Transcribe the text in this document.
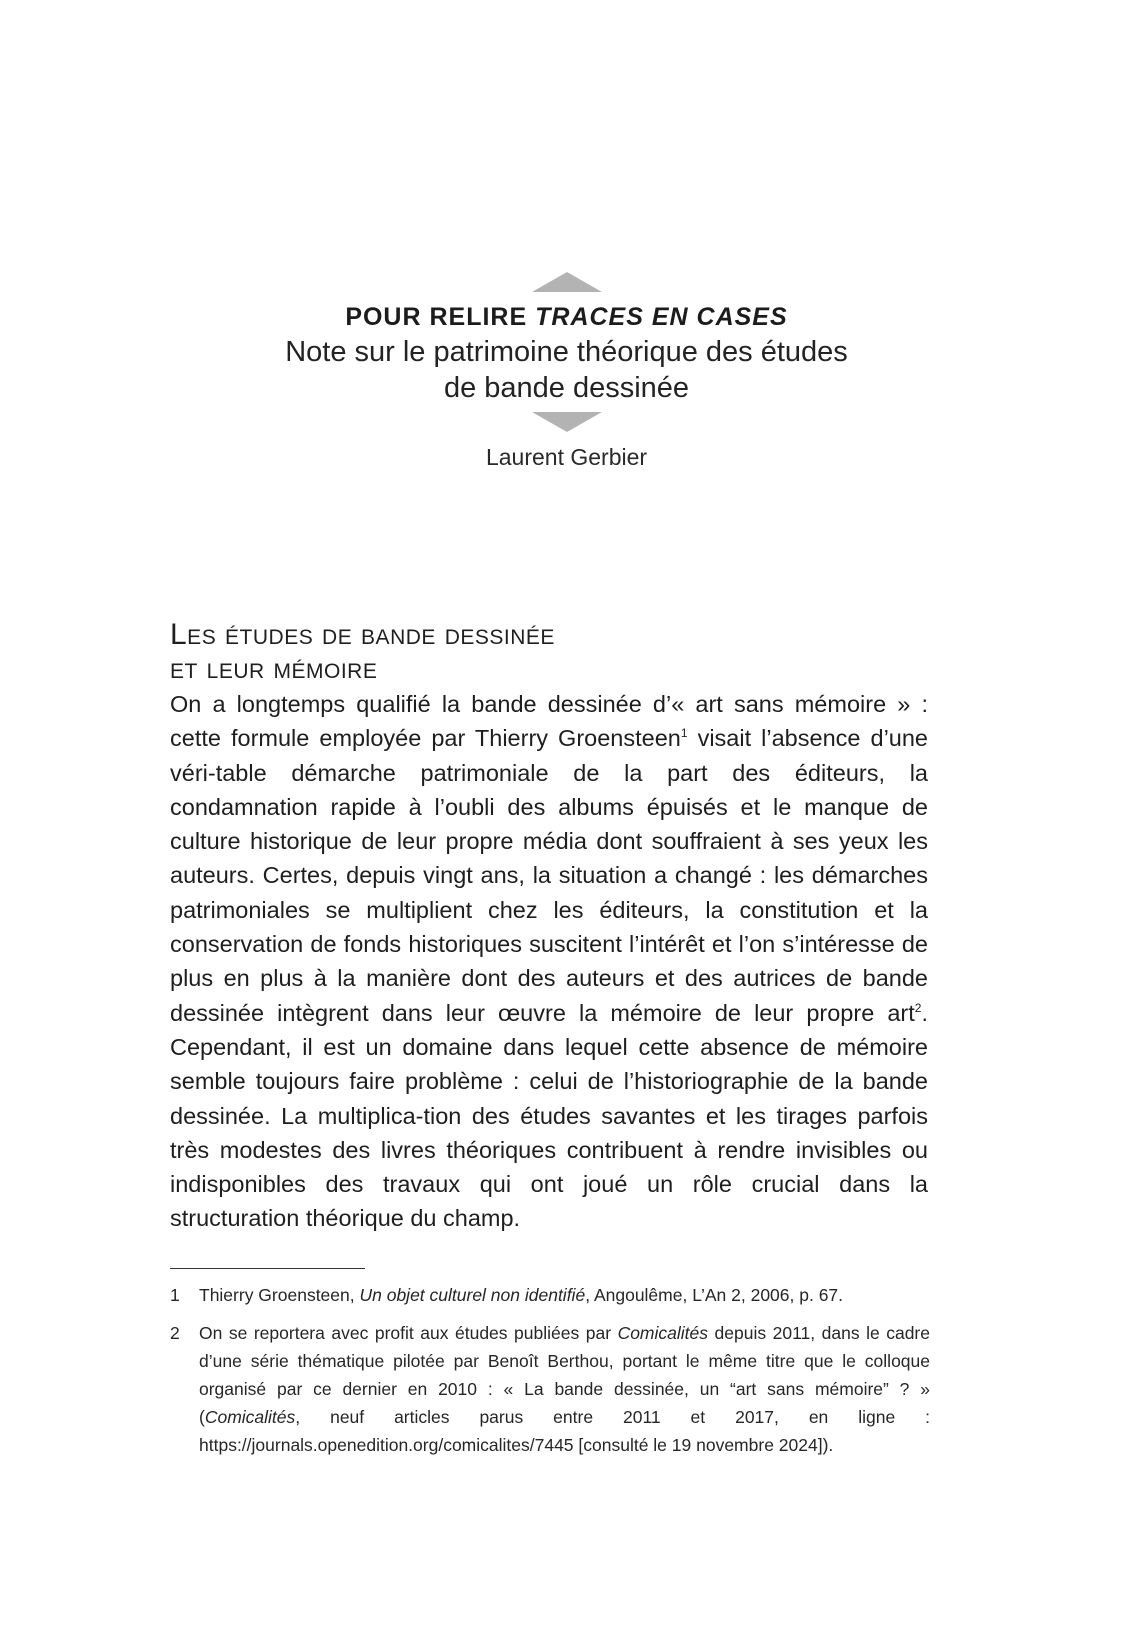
POUR RELIRE TRACES EN CASES

Note sur le patrimoine théorique des études

de bande dessinée

Laurent Gerbier
Les études de bande dessinée
et leur mémoire
On a longtemps qualifié la bande dessinée d’« art sans mémoire » : cette formule employée par Thierry Groensteen$^1$ visait l’absence d’une véri-table démarche patrimoniale de la part des éditeurs, la condamnation rapide à l’oubli des albums épuisés et le manque de culture historique de leur propre média dont souffraient à ses yeux les auteurs. Certes, depuis vingt ans, la situation a changé : les démarches patrimoniales se multiplient chez les éditeurs, la constitution et la conservation de fonds historiques suscitent l’intérêt et l’on s’intéresse de plus en plus à la manière dont des auteurs et des autrices de bande dessinée intègrent dans leur œuvre la mémoire de leur propre art$^2$. Cependant, il est un domaine dans lequel cette absence de mémoire semble toujours faire problème : celui de l’historiographie de la bande dessinée. La multiplica-tion des études savantes et les tirages parfois très modestes des livres théoriques contribuent à rendre invisibles ou indisponibles des travaux qui ont joué un rôle crucial dans la structuration théorique du champ.
1	Thierry Groensteen, Un objet culturel non identifié, Angoulême, L’An 2, 2006, p. 67.
2	On se reportera avec profit aux études publiées par Comicalités depuis 2011, dans le cadre d’une série thématique pilotée par Benoît Berthou, portant le même titre que le colloque organisé par ce dernier en 2010 : « La bande dessinée, un “art sans mémoire” ? » (Comicalités, neuf articles parus entre 2011 et 2017, en ligne : https://journals.openedition.org/comicalites/7445 [consulté le 19 novembre 2024]).
